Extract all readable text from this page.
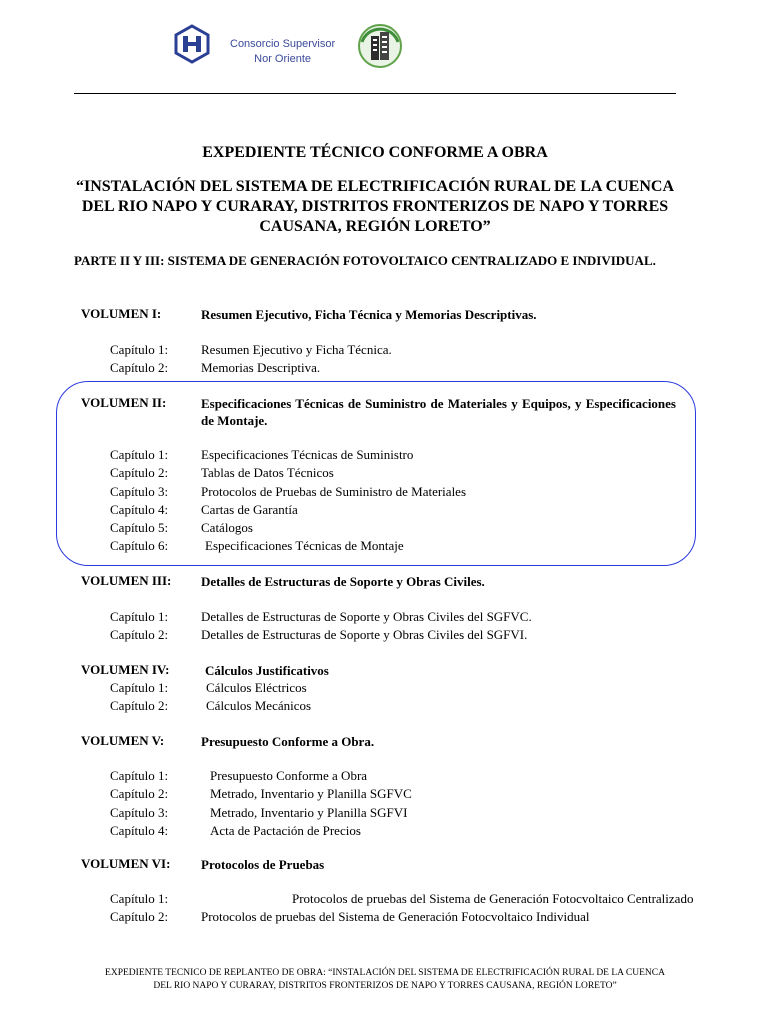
Consorcio Supervisor
Nor Oriente
EXPEDIENTE TÉCNICO CONFORME A OBRA
“INSTALACIÓN DEL SISTEMA DE ELECTRIFICACIÓN RURAL DE LA CUENCA DEL RIO NAPO Y CURARAY, DISTRITOS FRONTERIZOS DE NAPO Y TORRES CAUSANA, REGIÓN LORETO”
PARTE II Y III: SISTEMA DE GENERACIÓN FOTOVOLTAICO CENTRALIZADO E INDIVIDUAL.
VOLUMEN I:	Resumen Ejecutivo, Ficha Técnica y Memorias Descriptivas.
Capítulo 1:	Resumen Ejecutivo y Ficha Técnica.
Capítulo 2:	Memorias Descriptiva.
VOLUMEN II:	Especificaciones Técnicas de Suministro de Materiales y Equipos, y Especificaciones de Montaje.
Capítulo 1:	Especificaciones Técnicas de Suministro
Capítulo 2:	Tablas de Datos Técnicos
Capítulo 3:	Protocolos de Pruebas de Suministro de Materiales
Capítulo 4:	Cartas de Garantía
Capítulo 5:	Catálogos
Capítulo 6:	Especificaciones Técnicas de Montaje
VOLUMEN III: Detalles de Estructuras de Soporte y Obras Civiles.
Capítulo 1:	Detalles de Estructuras de Soporte y Obras Civiles del SGFVC.
Capítulo 2:	Detalles de Estructuras de Soporte y Obras Civiles del SGFVI.
VOLUMEN IV:	Cálculos Justificativos
Capítulo 1:	Cálculos Eléctricos
Capítulo 2:	Cálculos Mecánicos
VOLUMEN V:	Presupuesto Conforme a Obra.
Capítulo 1:	Presupuesto Conforme a Obra
Capítulo 2:	Metrado, Inventario y Planilla SGFVC
Capítulo 3:	Metrado, Inventario y Planilla SGFVI
Capítulo 4:	Acta de Pactación de Precios
VOLUMEN VI: Protocolos de Pruebas
Capítulo 1:	Protocolos de pruebas del Sistema de Generación Fotocvoltaico Centralizado
Capítulo 2:	Protocolos de pruebas del Sistema de Generación Fotocvoltaico Individual
EXPEDIENTE TECNICO DE REPLANTEO DE OBRA: “INSTALACIÓN DEL SISTEMA DE ELECTRIFICACIÓN RURAL DE LA CUENCA DEL RIO NAPO Y CURARAY, DISTRITOS FRONTERIZOS DE NAPO Y TORRES CAUSANA, REGIÓN LORETO”
